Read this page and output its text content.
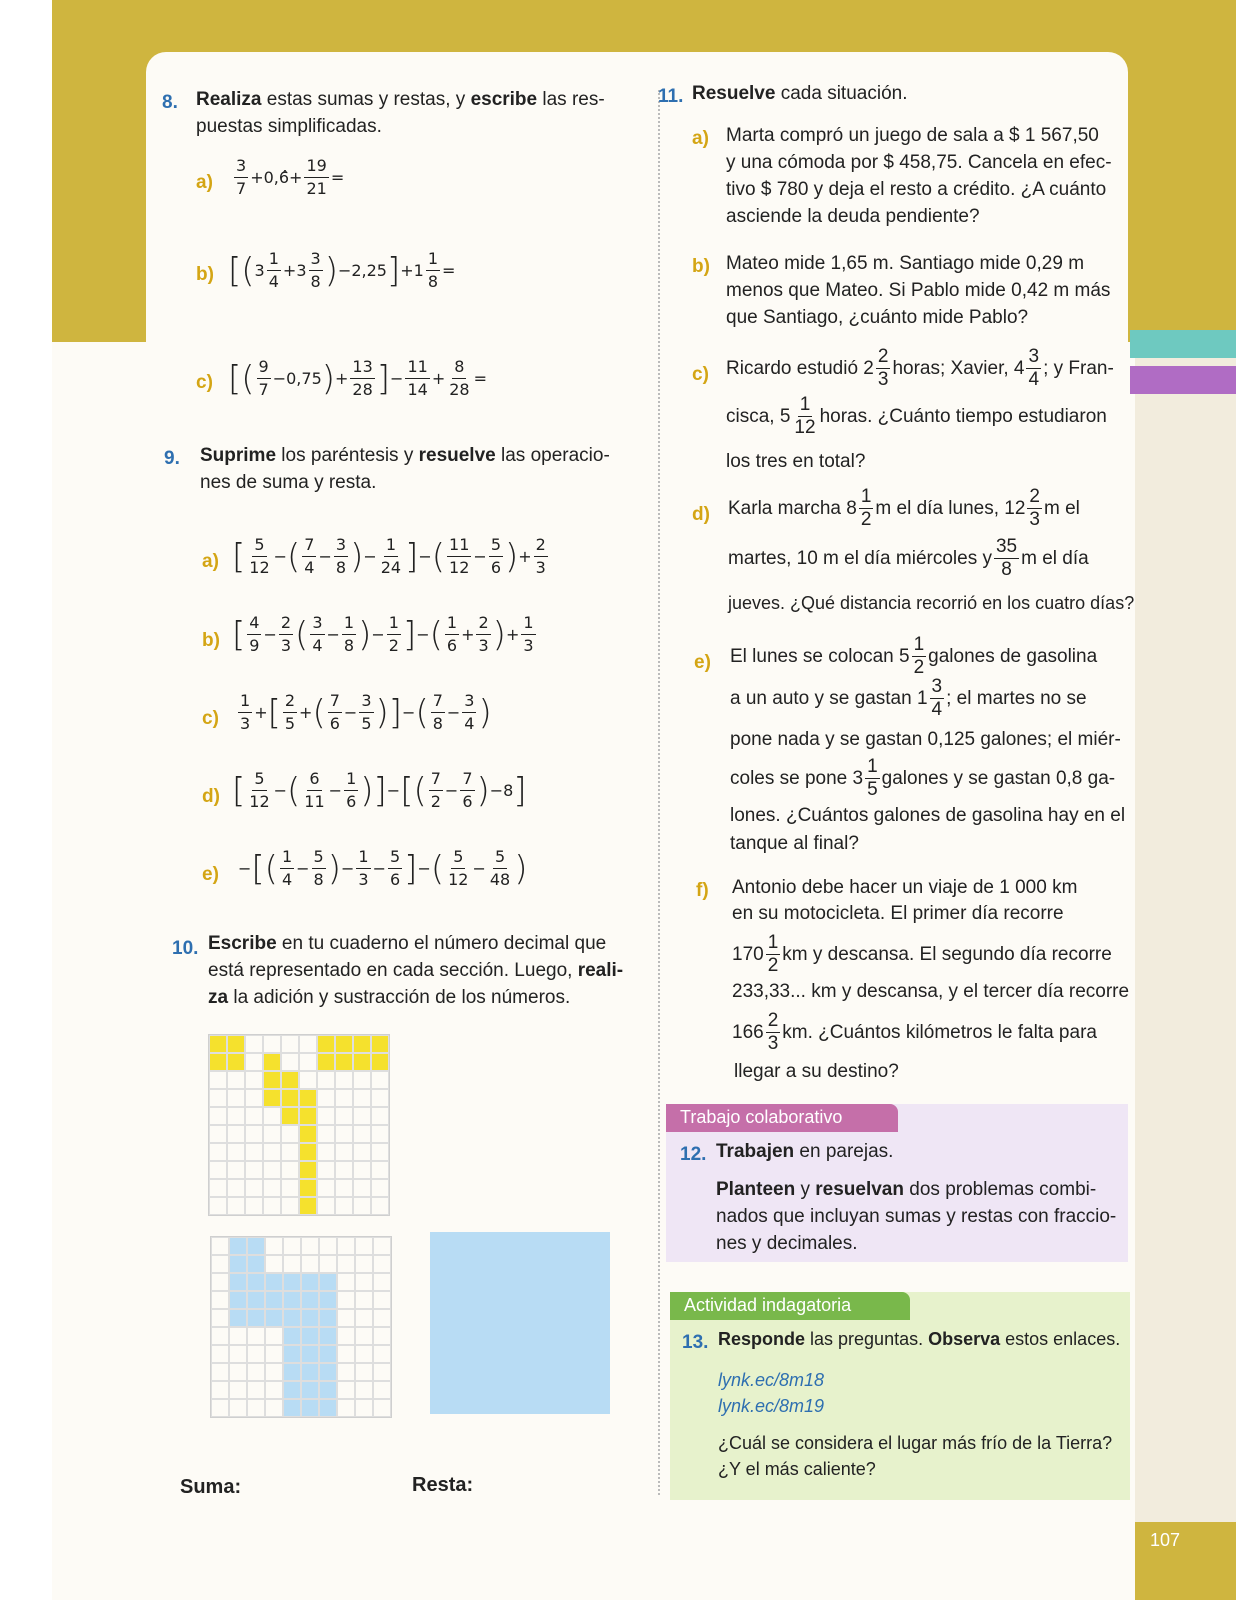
107
8. Realiza estas sumas y restas, y escribe las res-
puestas simplificadas.
$a) \frac{3}{7}$ +0,6̂+ $\frac{19}{21}$ =
b) [( $3 \frac{1}{4} +3 \frac{3}{8}$ ) −2,25 ] $+1 \frac{1}{8}$ =
c) [( $\frac{9}{7} -0,75$ ) + $\frac{13}{28}$ ] − $\frac{11}{14} + \frac{8}{28}$ =
9. Suprime los paréntesis y resuelve las operacio-
nes de suma y resta.
a) [ $\frac{5}{12}$ − ( $\frac{7}{4} - \frac{3}{8}$ ) − $\frac{1}{24}$ ] − ( $\frac{11}{12} - \frac{5}{6}$ ) + $\frac{2}{3}$
b) [ $\frac{4}{9} - \frac{2}{3}$ ( $\frac{3}{4} - \frac{1}{8}$ ) − $\frac{1}{2}$ ] − ( $\frac{1}{6} + \frac{2}{3}$ ) + $\frac{1}{3}$
$c) \frac{1}{3}$ + [ $\frac{2}{5}$ + ( $\frac{7}{6} - \frac{3}{5}$ )] − ( $\frac{7}{8} - \frac{3}{4}$ )
d) [ $\frac{5}{12}$ − ( $\frac{6}{11} - \frac{1}{6}$ )] − [( $\frac{7}{2} - \frac{7}{6}$ ) −8 ]
e) − [( $\frac{1}{4} - \frac{5}{8}$ ) − $\frac{1}{3} - \frac{5}{6}$ ] − ( $\frac{5}{12} - \frac{5}{48}$ )
10. Escribe en tu cuaderno el número decimal que
está representado en cada sección. Luego, reali-
za la adición y sustracción de los números.
Suma:	Resta:
11. Resuelve cada situación.
a) Marta compró un juego de sala a $ 1 567,50
y una cómoda por $ 458,75. Cancela en efec-
tivo $ 780 y deja el resto a crédito. ¿A cuánto
asciende la deuda pendiente?
b) Mateo mide 1,65 m. Santiago mide 0,29 m
menos que Mateo. Si Pablo mide 0,42 m más
que Santiago, ¿cuánto mide Pablo?
c) Ricardo estudió $2 \frac{2}{3}$ horas; Xavier, $4 \frac{3}{4}$ ; y Fran-
cisca, $5 \frac{1}{12}$ horas. ¿Cuánto tiempo estudiaron
los tres en total?
d) Karla marcha $8 \frac{1}{2}$ m el día lunes, $12 \frac{2}{3}$ m el
martes, 10 m el día miércoles y $\frac{35}{8}$ m el día
jueves. ¿Qué distancia recorrió en los cuatro días?
e) El lunes se colocan $5 \frac{1}{2}$ galones de gasolina
a un auto y se gastan $1 \frac{3}{4}$ ; el martes no se
pone nada y se gastan 0,125 galones; el miér-
coles se pone $3 \frac{1}{5}$ galones y se gastan 0,8 ga-
lones. ¿Cuántos galones de gasolina hay en el
tanque al final?
f) Antonio debe hacer un viaje de 1 000 km
en su motocicleta. El primer día recorre
$170 \frac{1}{2}$ km y descansa. El segundo día recorre
233,33... km y descansa, y el tercer día recorre
$166 \frac{2}{3}$ km. ¿Cuántos kilómetros le falta para
llegar a su destino?
Trabajo colaborativo
12. Trabajen en parejas.
Planteen y resuelvan dos problemas combi-
nados que incluyan sumas y restas con fraccio-
nes y decimales.
Actividad indagatoria
13. Responde las preguntas. Observa estos enlaces.
lynk.ec/8m18
lynk.ec/8m19
¿Cuál se considera el lugar más frío de la Tierra?
¿Y el más caliente?
